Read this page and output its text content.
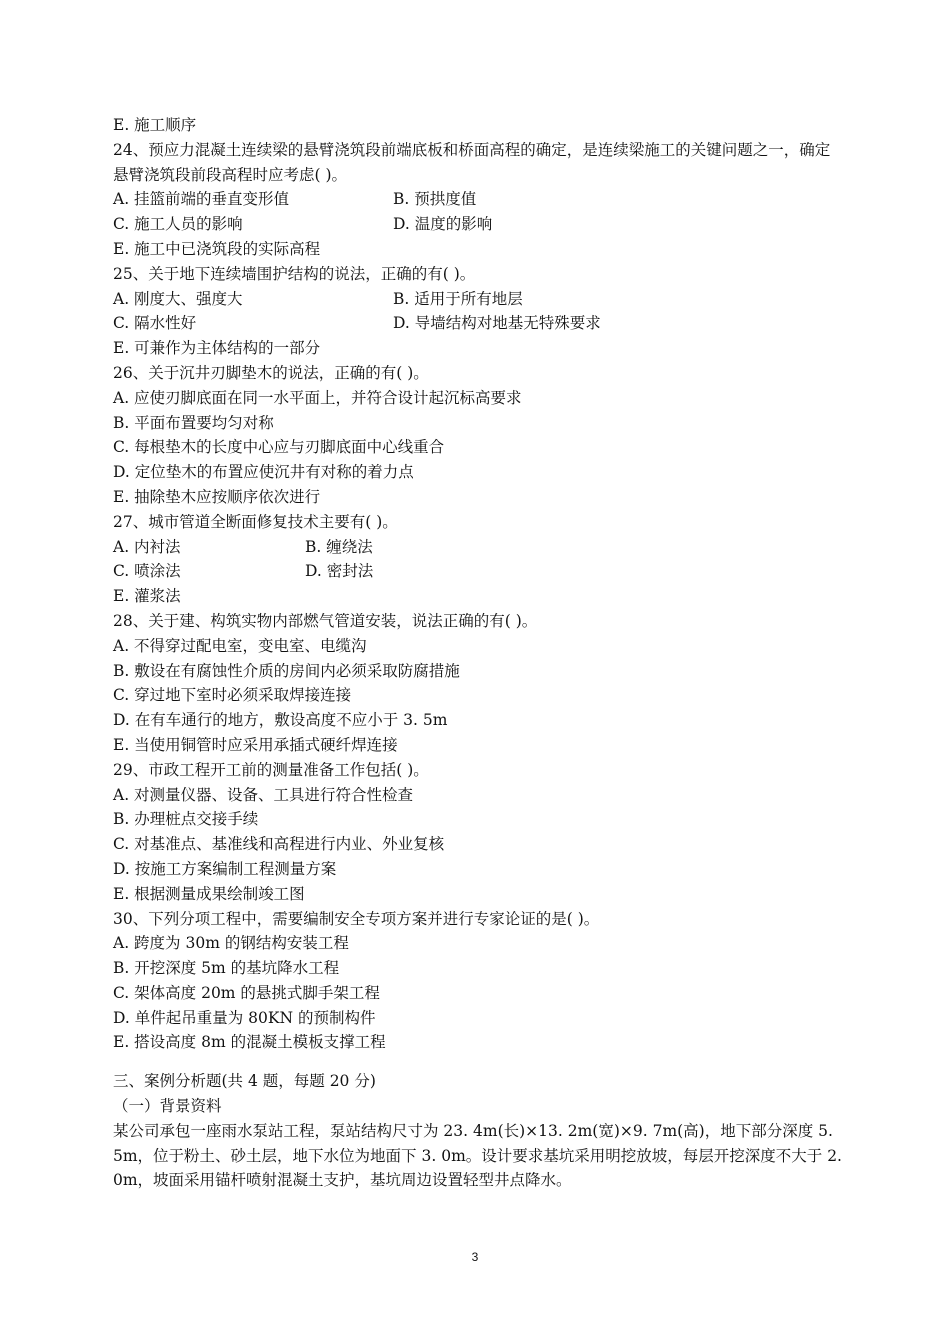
E. 施工顺序
24、预应力混凝土连续梁的悬臂浇筑段前端底板和桥面高程的确定，是连续梁施工的关键问题之一，确定悬臂浇筑段前段高程时应考虑( )。
A. 挂篮前端的垂直变形值	B. 预拱度值
C. 施工人员的影响	D. 温度的影响
E. 施工中已浇筑段的实际高程
25、关于地下连续墙围护结构的说法，正确的有( )。
A. 刚度大、强度大	B. 适用于所有地层
C. 隔水性好	D. 导墙结构对地基无特殊要求
E. 可兼作为主体结构的一部分
26、关于沉井刃脚垫木的说法，正确的有( )。
A. 应使刃脚底面在同一水平面上，并符合设计起沉标高要求
B. 平面布置要均匀对称
C. 每根垫木的长度中心应与刃脚底面中心线重合
D. 定位垫木的布置应使沉井有对称的着力点
E. 抽除垫木应按顺序依次进行
27、城市管道全断面修复技术主要有( )。
A. 内衬法	B. 缠绕法
C. 喷涂法	D. 密封法
E. 灌浆法
28、关于建、构筑实物内部燃气管道安装，说法正确的有( )。
A. 不得穿过配电室，变电室、电缆沟
B. 敷设在有腐蚀性介质的房间内必须采取防腐措施
C. 穿过地下室时必须采取焊接连接
D. 在有车通行的地方，敷设高度不应小于 3. 5m
E. 当使用铜管时应采用承插式硬纤焊连接
29、市政工程开工前的测量准备工作包括( )。
A. 对测量仪器、设备、工具进行符合性检查
B. 办理桩点交接手续
C. 对基准点、基准线和高程进行内业、外业复核
D. 按施工方案编制工程测量方案
E. 根据测量成果绘制竣工图
30、下列分项工程中，需要编制安全专项方案并进行专家论证的是( )。
A. 跨度为 30m 的钢结构安装工程
B. 开挖深度 5m 的基坑降水工程
C. 架体高度 20m 的悬挑式脚手架工程
D. 单件起吊重量为 80KN 的预制构件
E. 搭设高度 8m 的混凝土模板支撑工程
三、案例分析题(共 4 题，每题 20 分)
（一）背景资料
某公司承包一座雨水泵站工程，泵站结构尺寸为 23. 4m(长)×13. 2m(宽)×9. 7m(高)，地下部分深度 5. 5m，位于粉土、砂土层，地下水位为地面下 3. 0m。设计要求基坑采用明挖放坡，每层开挖深度不大于 2. 0m，坡面采用锚杆喷射混凝土支护，基坑周边设置轻型井点降水。
3
